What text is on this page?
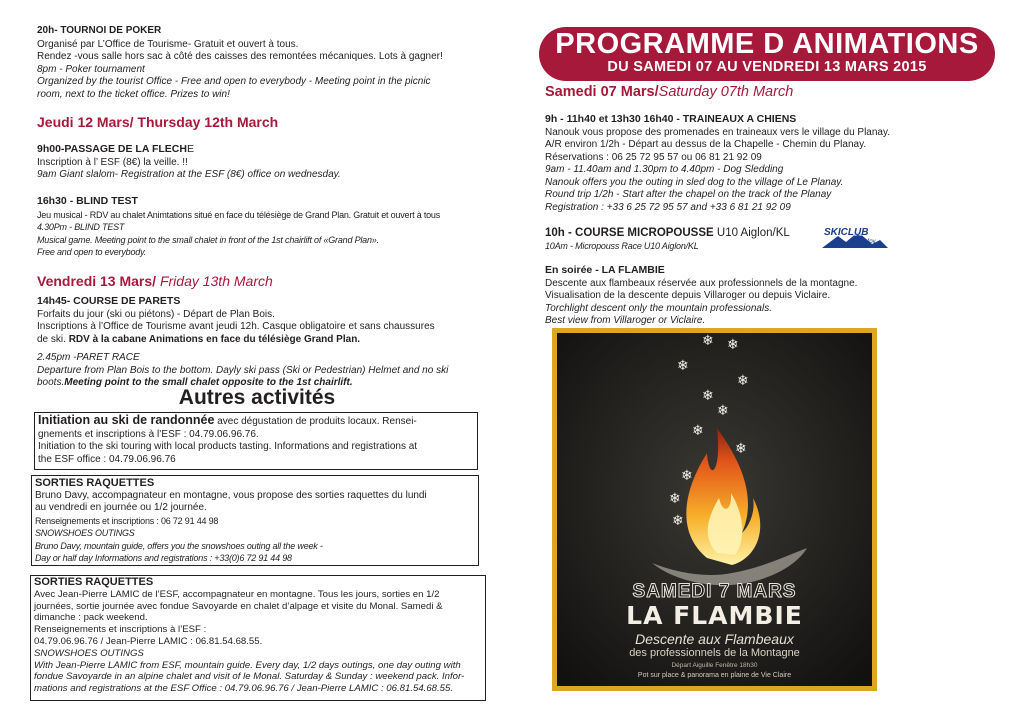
20h- TOURNOI DE POKER
Organisé par L’Office de Tourisme- Gratuit et ouvert à tous.
Rendez -vous salle hors sac à côté des caisses des remontées mécaniques. Lots à gagner!
8pm - Poker tournament
Organized by the tourist Office - Free and open to everybody - Meeting point in the picnic
room, next to the ticket office. Prizes to win!
Jeudi 12 Mars/ Thursday 12th March
9h00-PASSAGE DE LA FLECHE
Inscription à l’ ESF (8€) la veille. !!
9am Giant slalom- Registration at the ESF (8€) office on wednesday.
16h30 - BLIND TEST
Jeu musical - RDV au chalet Animtations situé en face du télésiège de Grand Plan. Gratuit et ouvert à tous
4.30Pm - BLIND TEST
Musical game. Meeting point to the small chalet in front of the 1st chairlift of «Grand Plan».
Free and open to everybody.
Vendredi 13 Mars/ Friday 13th March
14h45- COURSE DE PARETS
Forfaits du jour (ski ou piétons) - Départ de Plan Bois.
Inscriptions à l’Office de Tourisme avant jeudi 12h. Casque obligatoire et sans chaussures
de ski. RDV à la cabane Animations en face du télésiège Grand Plan.
2.45pm -PARET RACE
Departure from Plan Bois to the bottom. Dayly ski pass (Ski or Pedestrian) Helmet and no ski
boots.Meeting point to the small chalet opposite to the 1st chairlift.
Autres activités
Initiation au ski de randonnée avec dégustation de produits locaux. Rensei-
gnements et inscriptions à l’ESF : 04.79.06.96.76.
Initiation to the ski touring with local products tasting. Informations and registrations at
the ESF office : 04.79.06.96.76
SORTIES RAQUETTES
Bruno Davy, accompagnateur en montagne, vous propose des sorties raquettes du lundi
au vendredi en journée ou 1/2 journée.
Renseignements et inscriptions : 06 72 91 44 98
SNOWSHOES OUTINGS
Bruno Davy, mountain guide, offers you the snowshoes outing all the week -
Day or half day Informations and registrations : +33(0)6 72 91 44 98
SORTIES RAQUETTES
Avec Jean-Pierre LAMIC de l’ESF, accompagnateur en montagne. Tous les jours, sorties en 1/2
journées, sortie journée avec fondue Savoyarde en chalet d’alpage et visite du Monal. Samedi &
dimanche : pack weekend.
Renseignements et inscriptions à l’ESF :
04.79.06.96.76 / Jean-Pierre LAMIC : 06.81.54.68.55.
SNOWSHOES OUTINGS
With Jean-Pierre LAMIC from ESF, mountain guide. Every day, 1/2 days outings, one day outing with
fondue Savoyarde in an alpine chalet and visit of le Monal. Saturday & Sunday : weekend pack. Infor-
mations and registrations at the ESF Office : 04.79.06.96.76 / Jean-Pierre LAMIC : 06.81.54.68.55.
PROGRAMME D ANIMATIONS
DU SAMEDI 07 AU VENDREDI 13 MARS 2015
Samedi 07 Mars/Saturday 07th March
9h - 11h40 et 13h30 16h40 - TRAINEAUX A CHIENS
Nanouk vous propose des promenades en traineaux vers le village du Planay.
A/R environ 1/2h - Départ au dessus de la Chapelle - Chemin du Planay.
Réservations : 06 25 72 95 57 ou 06 81 21 92 09
9am - 11.40am and 1.30pm to 4.40pm - Dog Sledding
Nanouk offers you the outing in sled dog to the village of Le Planay.
Round trip 1/2h - Start after the chapel on the track of the Planay
Registration : +33 6 25 72 95 57 and +33 6 81 21 92 09
10h - COURSE MICROPOUSSE U10 Aiglon/KL
10Am - Micropouss Race U10 Aiglon/KL
SKICLUB
sainte foy
En soirée - LA FLAMBIE
Descente aux flambeaux réservée aux professionnels de la montagne.
Visualisation de la descente depuis Villaroger ou depuis Viclaire.
Torchlight descent only the mountain professionals.
Best view from Villaroger or Viclaire.
❄ ❄
❄
❄
❄
❄
❄
❄
❄
❄
❄
SAMEDI 7 MARS
LA FLAMBIE
Descente aux Flambeaux
des professionnels de la Montagne
Départ Aiguille Fenêtre 18h30
Pot sur place & panorama en plaine de Vie Claire
